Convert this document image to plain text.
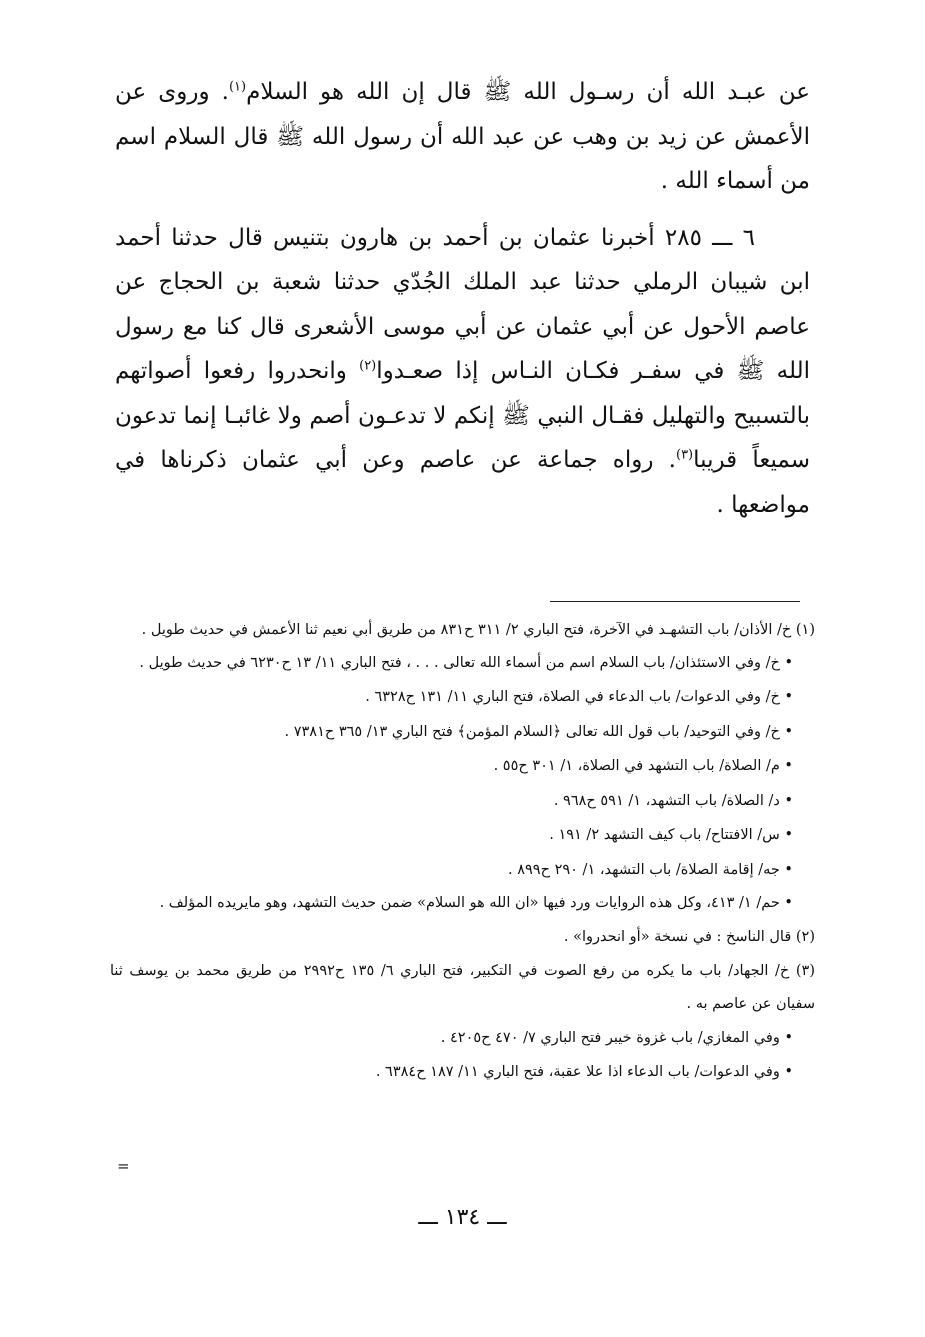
عن عبـد الله أن رسـول الله ﷺ قال إن الله هو السلام$^{(١)}$. وروى عن الأعمش عن زيد بن وهب عن عبد الله أن رسول الله ﷺ قال السلام اسم من أسماء الله .

٦ ـــ ٢٨٥ أخبرنا عثمان بن أحمد بن هارون بتنيس قال حدثنا أحمد ابن شيبان الرملي حدثنا عبد الملك الجُدّي حدثنا شعبة بن الحجاج عن عاصم الأحول عن أبي عثمان عن أبي موسى الأشعرى قال كنا مع رسول الله ﷺ في سفـر فكـان النـاس إذا صعـدوا$^{(٢)}$ وانحدروا رفعوا أصواتهم بالتسبيح والتهليل فقـال النبي ﷺ إنكم لا تدعـون أصم ولا غائبـا إنما تدعون سميعاً قريبا$^{(٣)}$. رواه جماعة عن عاصم وعن أبي عثمان ذكرناها في مواضعها .

(١) خ/ الأذان/ باب التشهـد في الآخرة، فتح الباري ٢/ ٣١١ ح٨٣١ من طريق أبي نعيم ثنا الأعمش في حديث طويل .

• خ/ وفي الاستئذان/ باب السلام اسم من أسماء الله تعالى . . . ، فتح الباري ١١/ ١٣ ح٦٢٣٠ في حديث طويل .

• خ/ وفي الدعوات/ باب الدعاء في الصلاة، فتح الباري ١١/ ١٣١ ح٦٣٢٨ .

• خ/ وفي التوحيد/ باب قول الله تعالى ﴿السلام المؤمن﴾ فتح الباري ١٣/ ٣٦٥ ح٧٣٨١ .

• م/ الصلاة/ باب التشهد في الصلاة، ١/ ٣٠١ ح٥٥ .

• د/ الصلاة/ باب التشهد، ١/ ٥٩١ ح٩٦٨ .

• س/ الافتتاح/ باب كيف التشهد ٢/ ١٩١ .

• جه/ إقامة الصلاة/ باب التشهد، ١/ ٢٩٠ ح٨٩٩ .

• حم/ ١/ ٤١٣، وكل هذه الروايات ورد فيها «ان الله هو السلام» ضمن حديث التشهد، وهو مايريده المؤلف .

(٢) قال الناسخ : في نسخة «أو انحدروا» .

(٣) خ/ الجهاد/ باب ما يكره من رفع الصوت في التكبير، فتح الباري ٦/ ١٣٥ ح٢٩٩٢ من طريق محمد بن يوسف ثنا سفيان عن عاصم به .

• وفي المغازي/ باب غزوة خيبر فتح الباري ٧/ ٤٧٠ ح٤٢٠٥ .

• وفي الدعوات/ باب الدعاء اذا علا عقبة، فتح الباري ١١/ ١٨٧ ح٦٣٨٤ .

=
ـــ ١٣٤ ـــ
